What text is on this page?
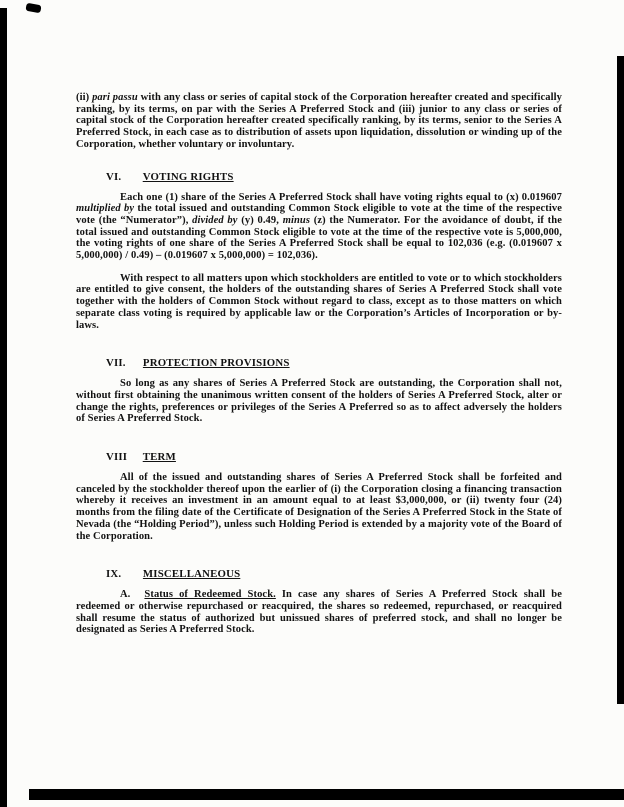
(ii) pari passu with any class or series of capital stock of the Corporation hereafter created and specifically ranking, by its terms, on par with the Series A Preferred Stock and (iii) junior to any class or series of capital stock of the Corporation hereafter created specifically ranking, by its terms, senior to the Series A Preferred Stock, in each case as to distribution of assets upon liquidation, dissolution or winding up of the Corporation, whether voluntary or involuntary.

VI. VOTING RIGHTS

Each one (1) share of the Series A Preferred Stock shall have voting rights equal to (x) 0.019607 multiplied by the total issued and outstanding Common Stock eligible to vote at the time of the respective vote (the “Numerator”), divided by (y) 0.49, minus (z) the Numerator. For the avoidance of doubt, if the total issued and outstanding Common Stock eligible to vote at the time of the respective vote is 5,000,000, the voting rights of one share of the Series A Preferred Stock shall be equal to 102,036 (e.g. (0.019607 x 5,000,000) / 0.49) – (0.019607 x 5,000,000) = 102,036).

With respect to all matters upon which stockholders are entitled to vote or to which stockholders are entitled to give consent, the holders of the outstanding shares of Series A Preferred Stock shall vote together with the holders of Common Stock without regard to class, except as to those matters on which separate class voting is required by applicable law or the Corporation’s Articles of Incorporation or by-laws.

VII. PROTECTION PROVISIONS

So long as any shares of Series A Preferred Stock are outstanding, the Corporation shall not, without first obtaining the unanimous written consent of the holders of Series A Preferred Stock, alter or change the rights, preferences or privileges of the Series A Preferred so as to affect adversely the holders of Series A Preferred Stock.

VIII TERM

All of the issued and outstanding shares of Series A Preferred Stock shall be forfeited and canceled by the stockholder thereof upon the earlier of (i) the Corporation closing a financing transaction whereby it receives an investment in an amount equal to at least $3,000,000, or (ii) twenty four (24) months from the filing date of the Certificate of Designation of the Series A Preferred Stock in the State of Nevada (the “Holding Period”), unless such Holding Period is extended by a majority vote of the Board of the Corporation.

IX. MISCELLANEOUS

A. Status of Redeemed Stock. In case any shares of Series A Preferred Stock shall be redeemed or otherwise repurchased or reacquired, the shares so redeemed, repurchased, or reacquired shall resume the status of authorized but unissued shares of preferred stock, and shall no longer be designated as Series A Preferred Stock.
